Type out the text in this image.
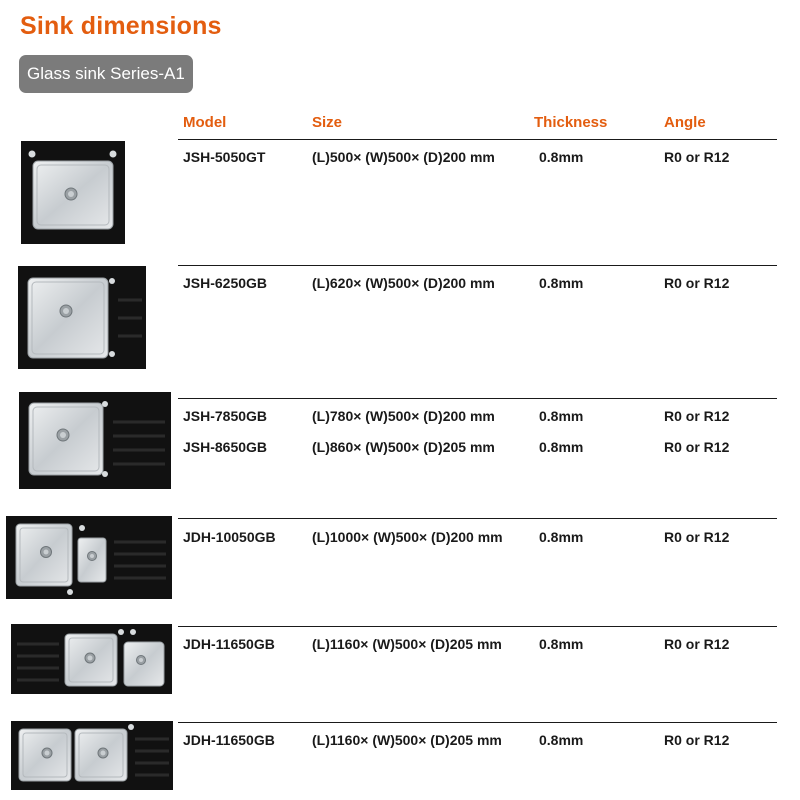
Sink dimensions
Glass sink Series-A1
Model	Size	Thickness	Angle
JSH-5050GT	(L)500× (W)500× (D)200 mm	0.8mm	R0 or R12
JSH-6250GB	(L)620× (W)500× (D)200 mm	0.8mm	R0 or R12
JSH-7850GB	(L)780× (W)500× (D)200 mm	0.8mm	R0 or R12
JSH-8650GB	(L)860× (W)500× (D)205 mm	0.8mm	R0 or R12
JDH-10050GB	(L)1000× (W)500× (D)200 mm	0.8mm	R0 or R12
JDH-11650GB	(L)1160× (W)500× (D)205 mm	0.8mm	R0 or R12
JDH-11650GB	(L)1160× (W)500× (D)205 mm	0.8mm	R0 or R12
